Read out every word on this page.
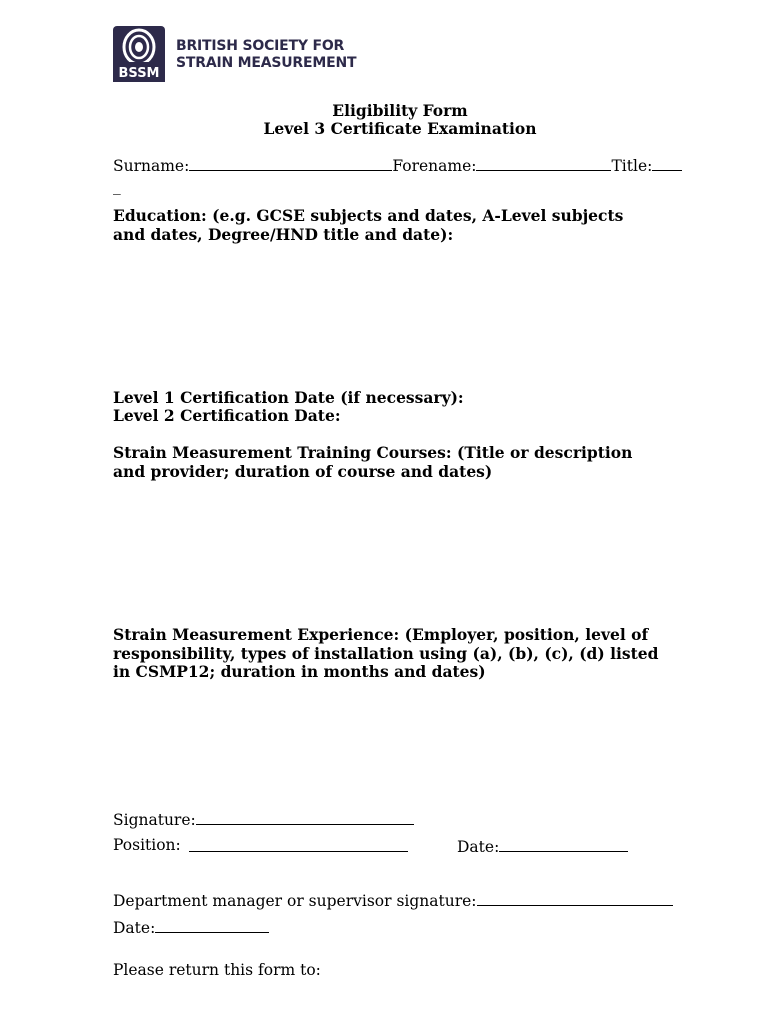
BSSM
BRITISH SOCIETY FOR
STRAIN MEASUREMENT
Eligibility Form
Level 3 Certificate Examination
Surname:	Forename:	Title:
_
Education: (e.g. GCSE subjects and dates, A-Level subjects and dates, Degree/HND title and date):
Level 1 Certification Date (if necessary):
Level 2 Certification Date:
Strain Measurement Training Courses: (Title or description and provider; duration of course and dates)
Strain Measurement Experience: (Employer, position, level of responsibility, types of installation using (a), (b), (c), (d) listed in CSMP12; duration in months and dates)
Signature:
Position:	Date:
Department manager or supervisor signature:
Date:
Please return this form to:
